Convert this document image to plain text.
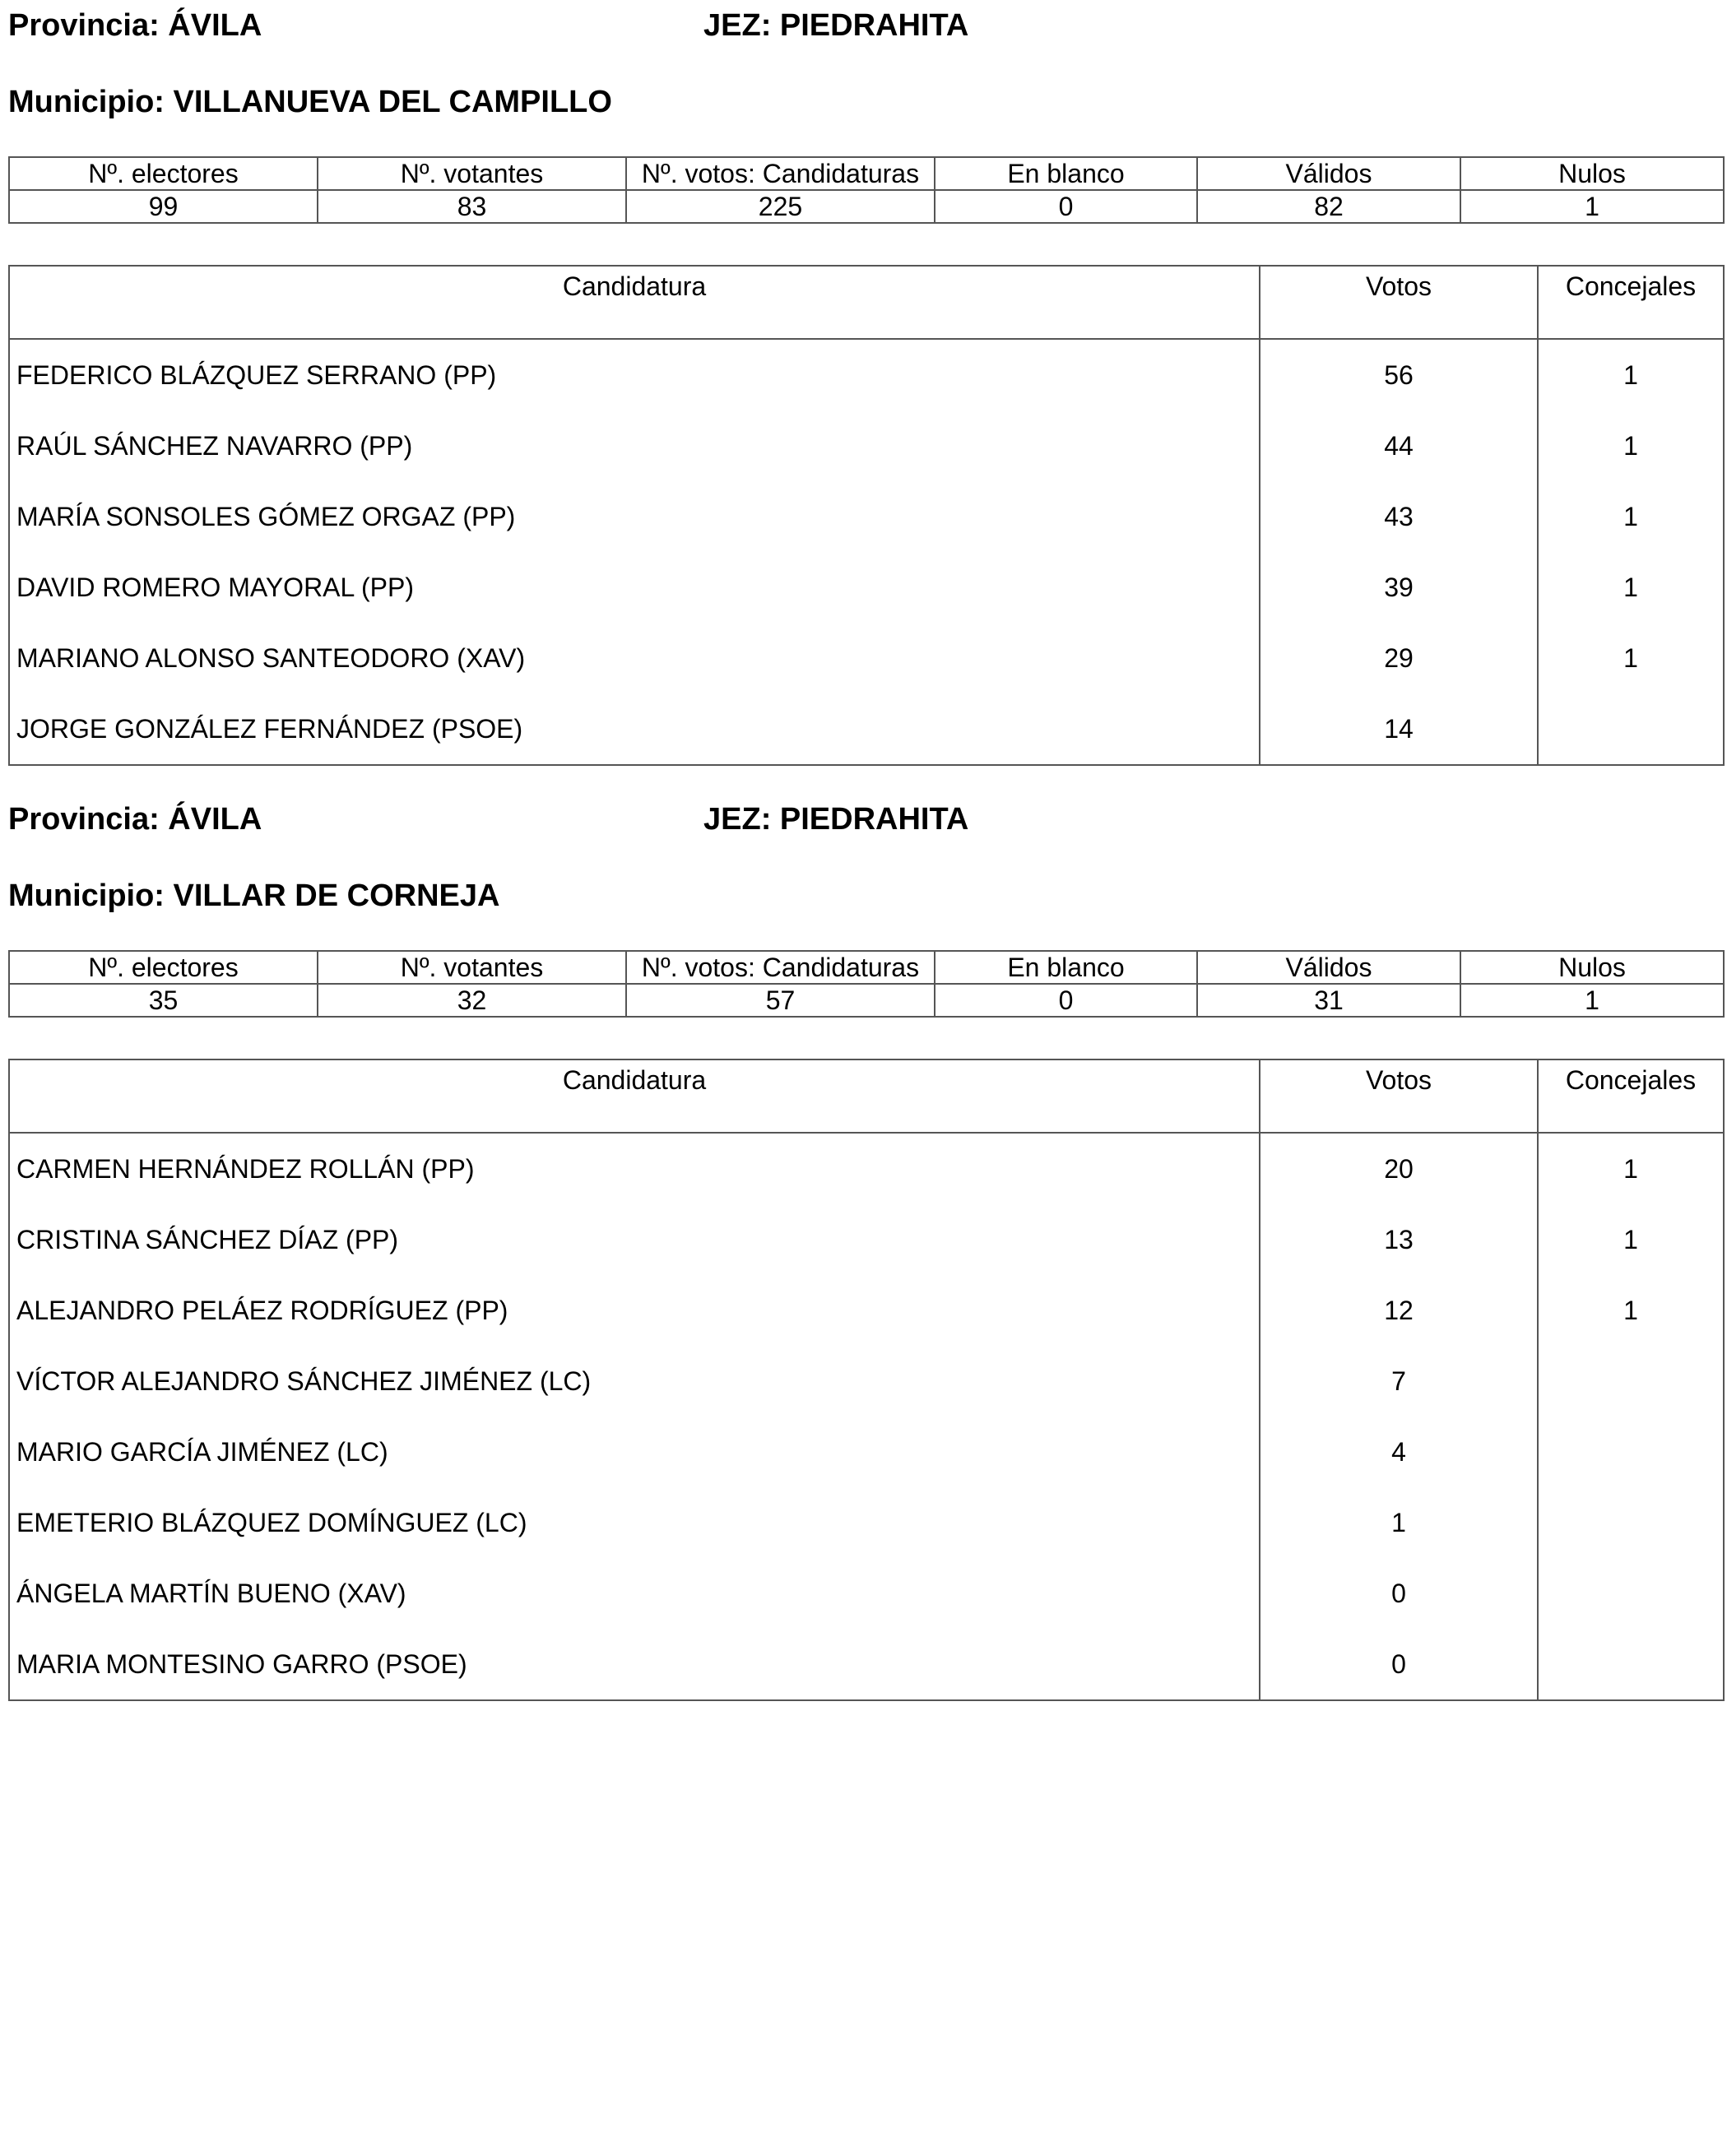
Provincia: ÁVILA	JEZ: PIEDRAHITA
Municipio: VILLANUEVA DEL CAMPILLO
Nº. electores	Nº. votantes	Nº. votos: Candidaturas	En blanco	Válidos	Nulos
99	83	225	0	82	1
Candidatura	Votos	Concejales
FEDERICO BLÁZQUEZ SERRANO (PP)	56	1
RAÚL SÁNCHEZ NAVARRO (PP)	44	1
MARÍA SONSOLES GÓMEZ ORGAZ (PP)	43	1
DAVID ROMERO MAYORAL (PP)	39	1
MARIANO ALONSO SANTEODORO (XAV)	29	1
JORGE GONZÁLEZ FERNÁNDEZ (PSOE)	14	
Provincia: ÁVILA	JEZ: PIEDRAHITA
Municipio: VILLAR DE CORNEJA
Nº. electores	Nº. votantes	Nº. votos: Candidaturas	En blanco	Válidos	Nulos
35	32	57	0	31	1
Candidatura	Votos	Concejales
CARMEN HERNÁNDEZ ROLLÁN (PP)	20	1
CRISTINA SÁNCHEZ DÍAZ (PP)	13	1
ALEJANDRO PELÁEZ RODRÍGUEZ (PP)	12	1
VÍCTOR ALEJANDRO SÁNCHEZ JIMÉNEZ (LC)	7	
MARIO GARCÍA JIMÉNEZ (LC)	4	
EMETERIO BLÁZQUEZ DOMÍNGUEZ (LC)	1	
ÁNGELA MARTÍN BUENO (XAV)	0	
MARIA MONTESINO GARRO (PSOE)	0	
